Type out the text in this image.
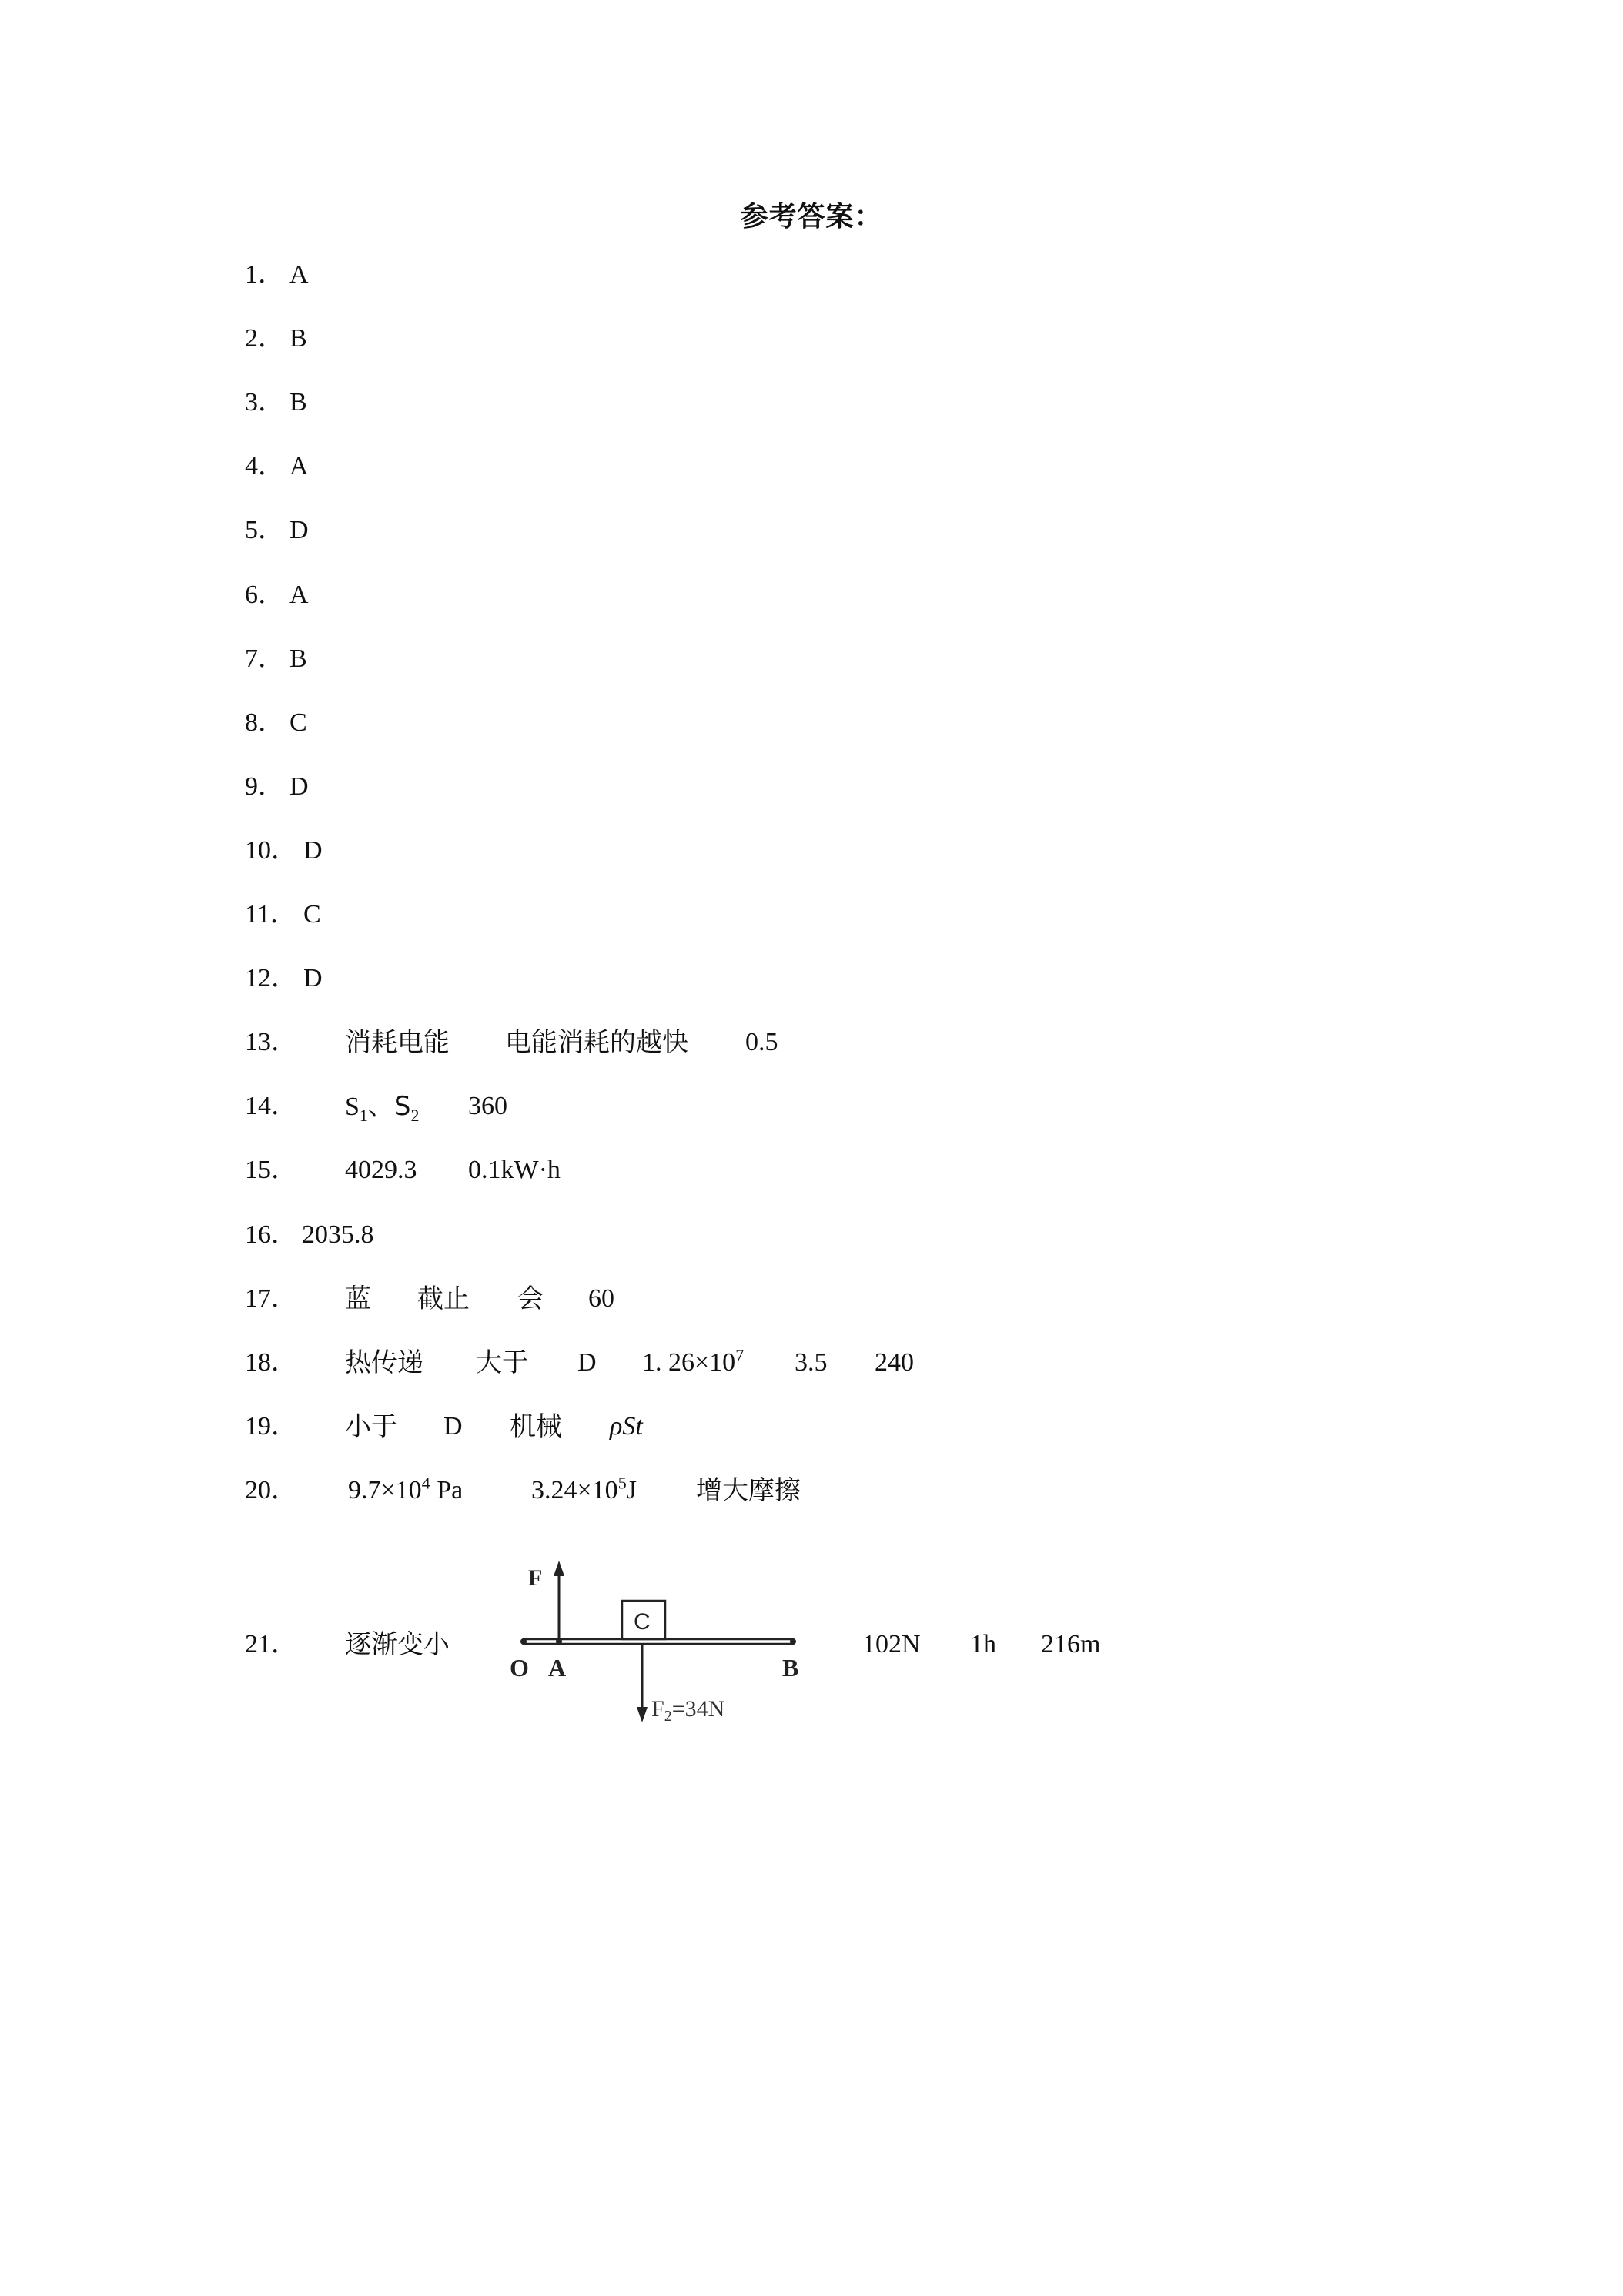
参考答案：
1． A
2． B
3． B
4． A
5． D
6． A
7． B
8． C
9． D
10． D
11． C
12． D
13． 消耗电能 电能消耗的越快 0.5
14． $S_1$、$S_2$ 360
15． 4029.3 0.1kW·h
16． 2035.8
17． 蓝 截止 会 60
18． 热传递 大于 D 1. $26\times 10^7$ 3.5 240
19． 小于 D 机械 ρSt
20． $9.7\times 10^4$ Pa	$3.24\times 10^5J$ 增大摩擦
21． 逐渐变小	102N 1h 216m
F
C
$F_2=34N$
O A	B
